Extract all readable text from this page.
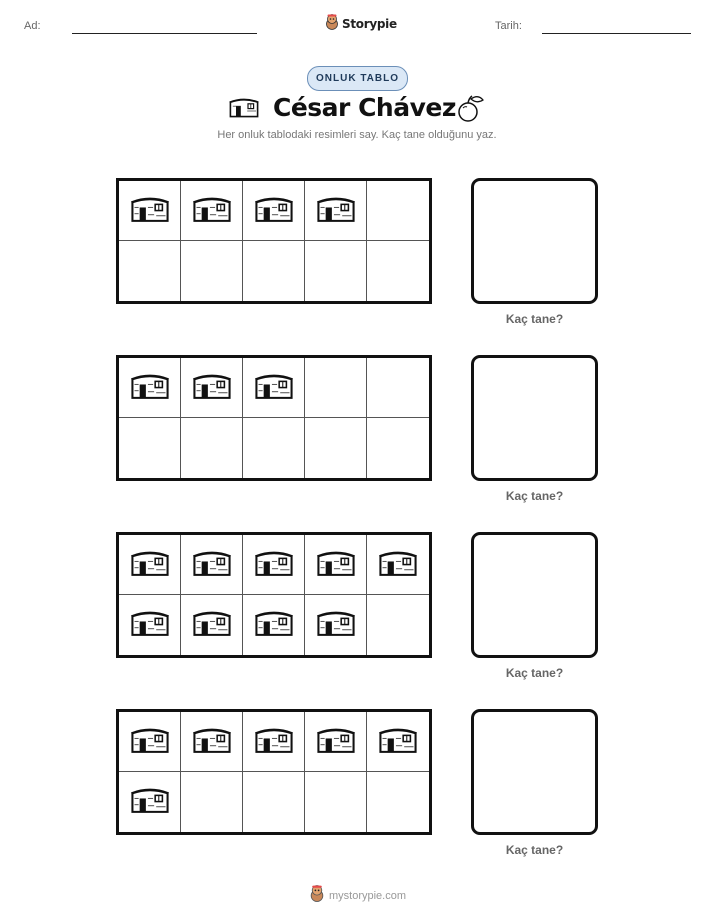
Ad:	Storypie	Tarih:
ONLUK TABLO
César Chávez
Her onluk tablodaki resimleri say. Kaç tane olduğunu yaz.
Kaç tane?
Kaç tane?
Kaç tane?
Kaç tane?
mystorypie.com
